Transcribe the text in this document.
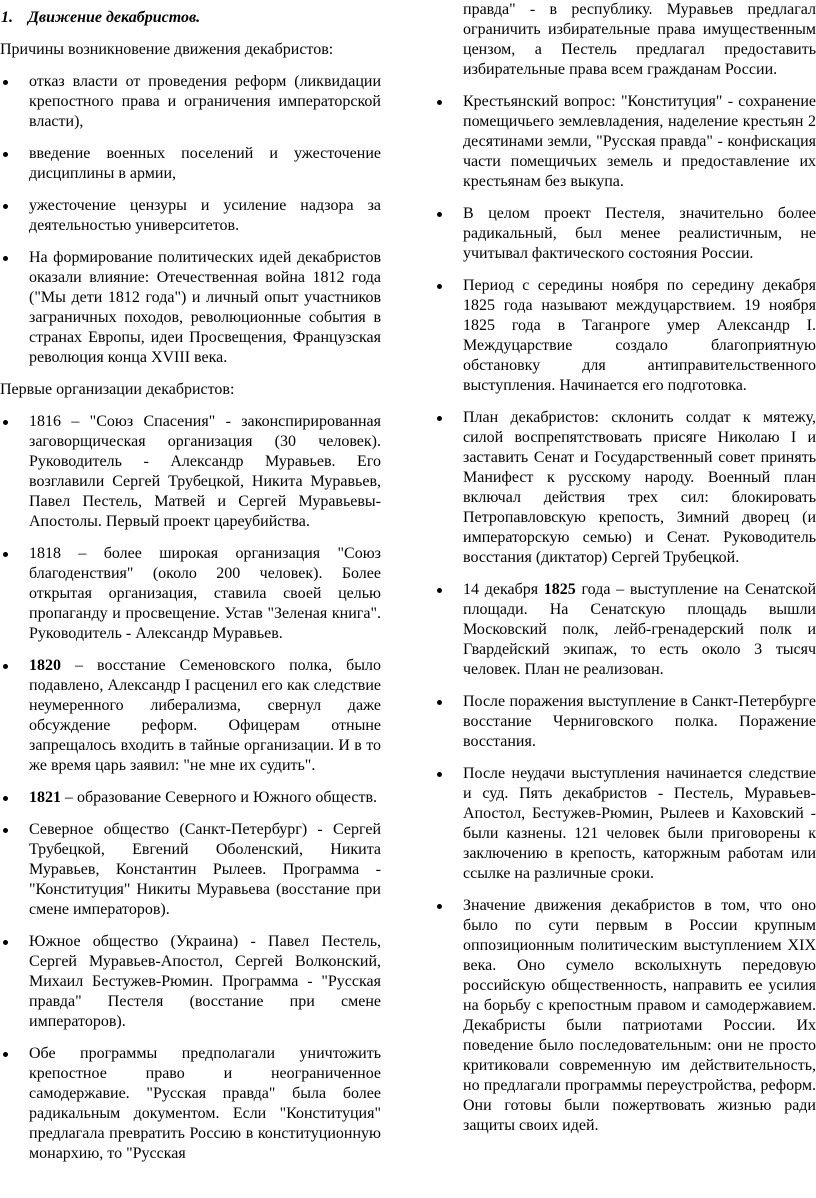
1. Движение декабристов.
Причины возникновение движения декабристов:
отказ власти от проведения реформ (ликвидации крепостного права и ограничения императорской власти),
введение военных поселений и ужесточение дисциплины в армии,
ужесточение цензуры и усиление надзора за деятельностью университетов.
На формирование политических идей декабристов оказали влияние: Отечественная война 1812 года ("Мы дети 1812 года") и личный опыт участников заграничных походов, революционные события в странах Европы, идеи Просвещения, Французская революция конца XVIII века.
Первые организации декабристов:
1816 – "Союз Спасения" - законспирированная заговорщическая организация (30 человек). Руководитель - Александр Муравьев. Его возглавили Сергей Трубецкой, Никита Муравьев, Павел Пестель, Матвей и Сергей Муравьевы-Апостолы. Первый проект цареубийства.
1818 – более широкая организация "Союз благоденствия" (около 200 человек). Более открытая организация, ставила своей целью пропаганду и просвещение. Устав "Зеленая книга". Руководитель - Александр Муравьев.
1820 – восстание Семеновского полка, было подавлено, Александр I расценил его как следствие неумеренного либерализма, свернул даже обсуждение реформ. Офицерам отныне запрещалось входить в тайные организации. И в то же время царь заявил: "не мне их судить".
1821 – образование Северного и Южного обществ.
Северное общество (Санкт-Петербург) - Сергей Трубецкой, Евгений Оболенский, Никита Муравьев, Константин Рылеев. Программа - "Конституция" Никиты Муравьева (восстание при смене императоров).
Южное общество (Украина) - Павел Пестель, Сергей Муравьев-Апостол, Сергей Волконский, Михаил Бестужев-Рюмин. Программа - "Русская правда" Пестеля (восстание при смене императоров).
Обе программы предполагали уничтожить крепостное право и неограниченное самодержавие. "Русская правда" была более радикальным документом. Если "Конституция" предлагала превратить Россию в конституционную монархию, то "Русская
правда" - в республику. Муравьев предлагал ограничить избирательные права имущественным цензом, а Пестель предлагал предоставить избирательные права всем гражданам России.
Крестьянский вопрос: "Конституция" - сохранение помещичьего землевладения, наделение крестьян 2 десятинами земли, "Русская правда" - конфискация части помещичьих земель и предоставление их крестьянам без выкупа.
В целом проект Пестеля, значительно более радикальный, был менее реалистичным, не учитывал фактического состояния России.
Период с середины ноября по середину декабря 1825 года называют междуцарствием. 19 ноября 1825 года в Таганроге умер Александр I. Междуцарствие создало благоприятную обстановку для антиправительственного выступления. Начинается его подготовка.
План декабристов: склонить солдат к мятежу, силой воспрепятствовать присяге Николаю I и заставить Сенат и Государственный совет принять Манифест к русскому народу. Военный план включал действия трех сил: блокировать Петропавловскую крепость, Зимний дворец (и императорскую семью) и Сенат. Руководитель восстания (диктатор) Сергей Трубецкой.
14 декабря 1825 года – выступление на Сенатской площади. На Сенатскую площадь вышли Московский полк, лейб-гренадерский полк и Гвардейский экипаж, то есть около 3 тысяч человек. План не реализован.
После поражения выступление в Санкт-Петербурге восстание Черниговского полка. Поражение восстания.
После неудачи выступления начинается следствие и суд. Пять декабристов - Пестель, Муравьев-Апостол, Бестужев-Рюмин, Рылеев и Каховский - были казнены. 121 человек были приговорены к заключению в крепость, каторжным работам или ссылке на различные сроки.
Значение движения декабристов в том, что оно было по сути первым в России крупным оппозиционным политическим выступлением XIX века. Оно сумело всколыхнуть передовую российскую общественность, направить ее усилия на борьбу с крепостным правом и самодержавием. Декабристы были патриотами России. Их поведение было последовательным: они не просто критиковали современную им действительность, но предлагали программы переустройства, реформ. Они готовы были пожертвовать жизнью ради защиты своих идей.
